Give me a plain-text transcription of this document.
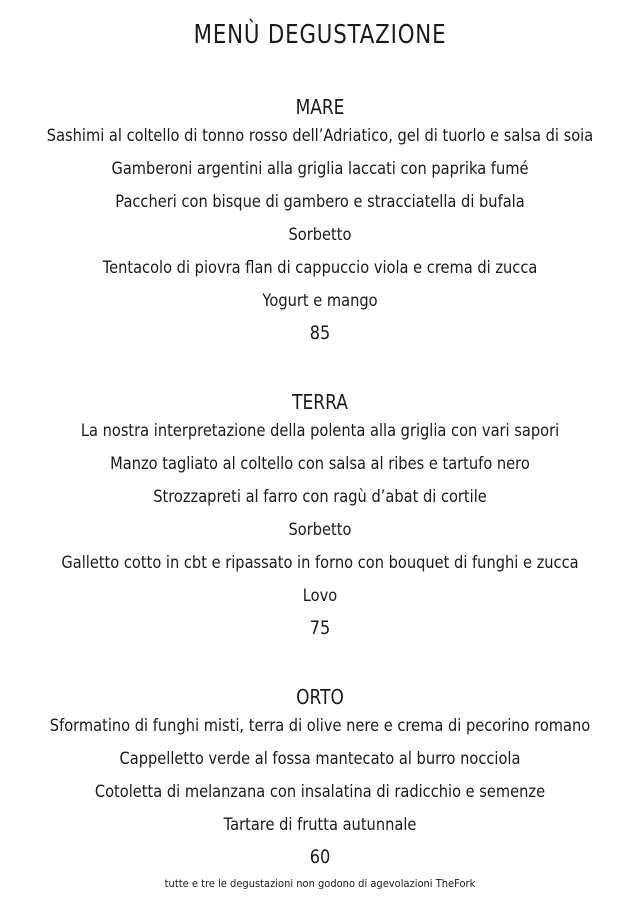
MENÙ DEGUSTAZIONE
MARE
Sashimi al coltello di tonno rosso dell’Adriatico, gel di tuorlo e salsa di soia
Gamberoni argentini alla griglia laccati con paprika fumé
Paccheri con bisque di gambero e stracciatella di bufala
Sorbetto
Tentacolo di piovra flan di cappuccio viola e crema di zucca
Yogurt e mango
85
TERRA
La nostra interpretazione della polenta alla griglia con vari sapori
Manzo tagliato al coltello con salsa al ribes e tartufo nero
Strozzapreti al farro con ragù d’abat di cortile
Sorbetto
Galletto cotto in cbt e ripassato in forno con bouquet di funghi e zucca
Lovo
75
ORTO
Sformatino di funghi misti, terra di olive nere e crema di pecorino romano
Cappelletto verde al fossa mantecato al burro nocciola
Cotoletta di melanzana con insalatina di radicchio e semenze
Tartare di frutta autunnale
60
tutte e tre le degustazioni non godono di agevolazioni TheFork
